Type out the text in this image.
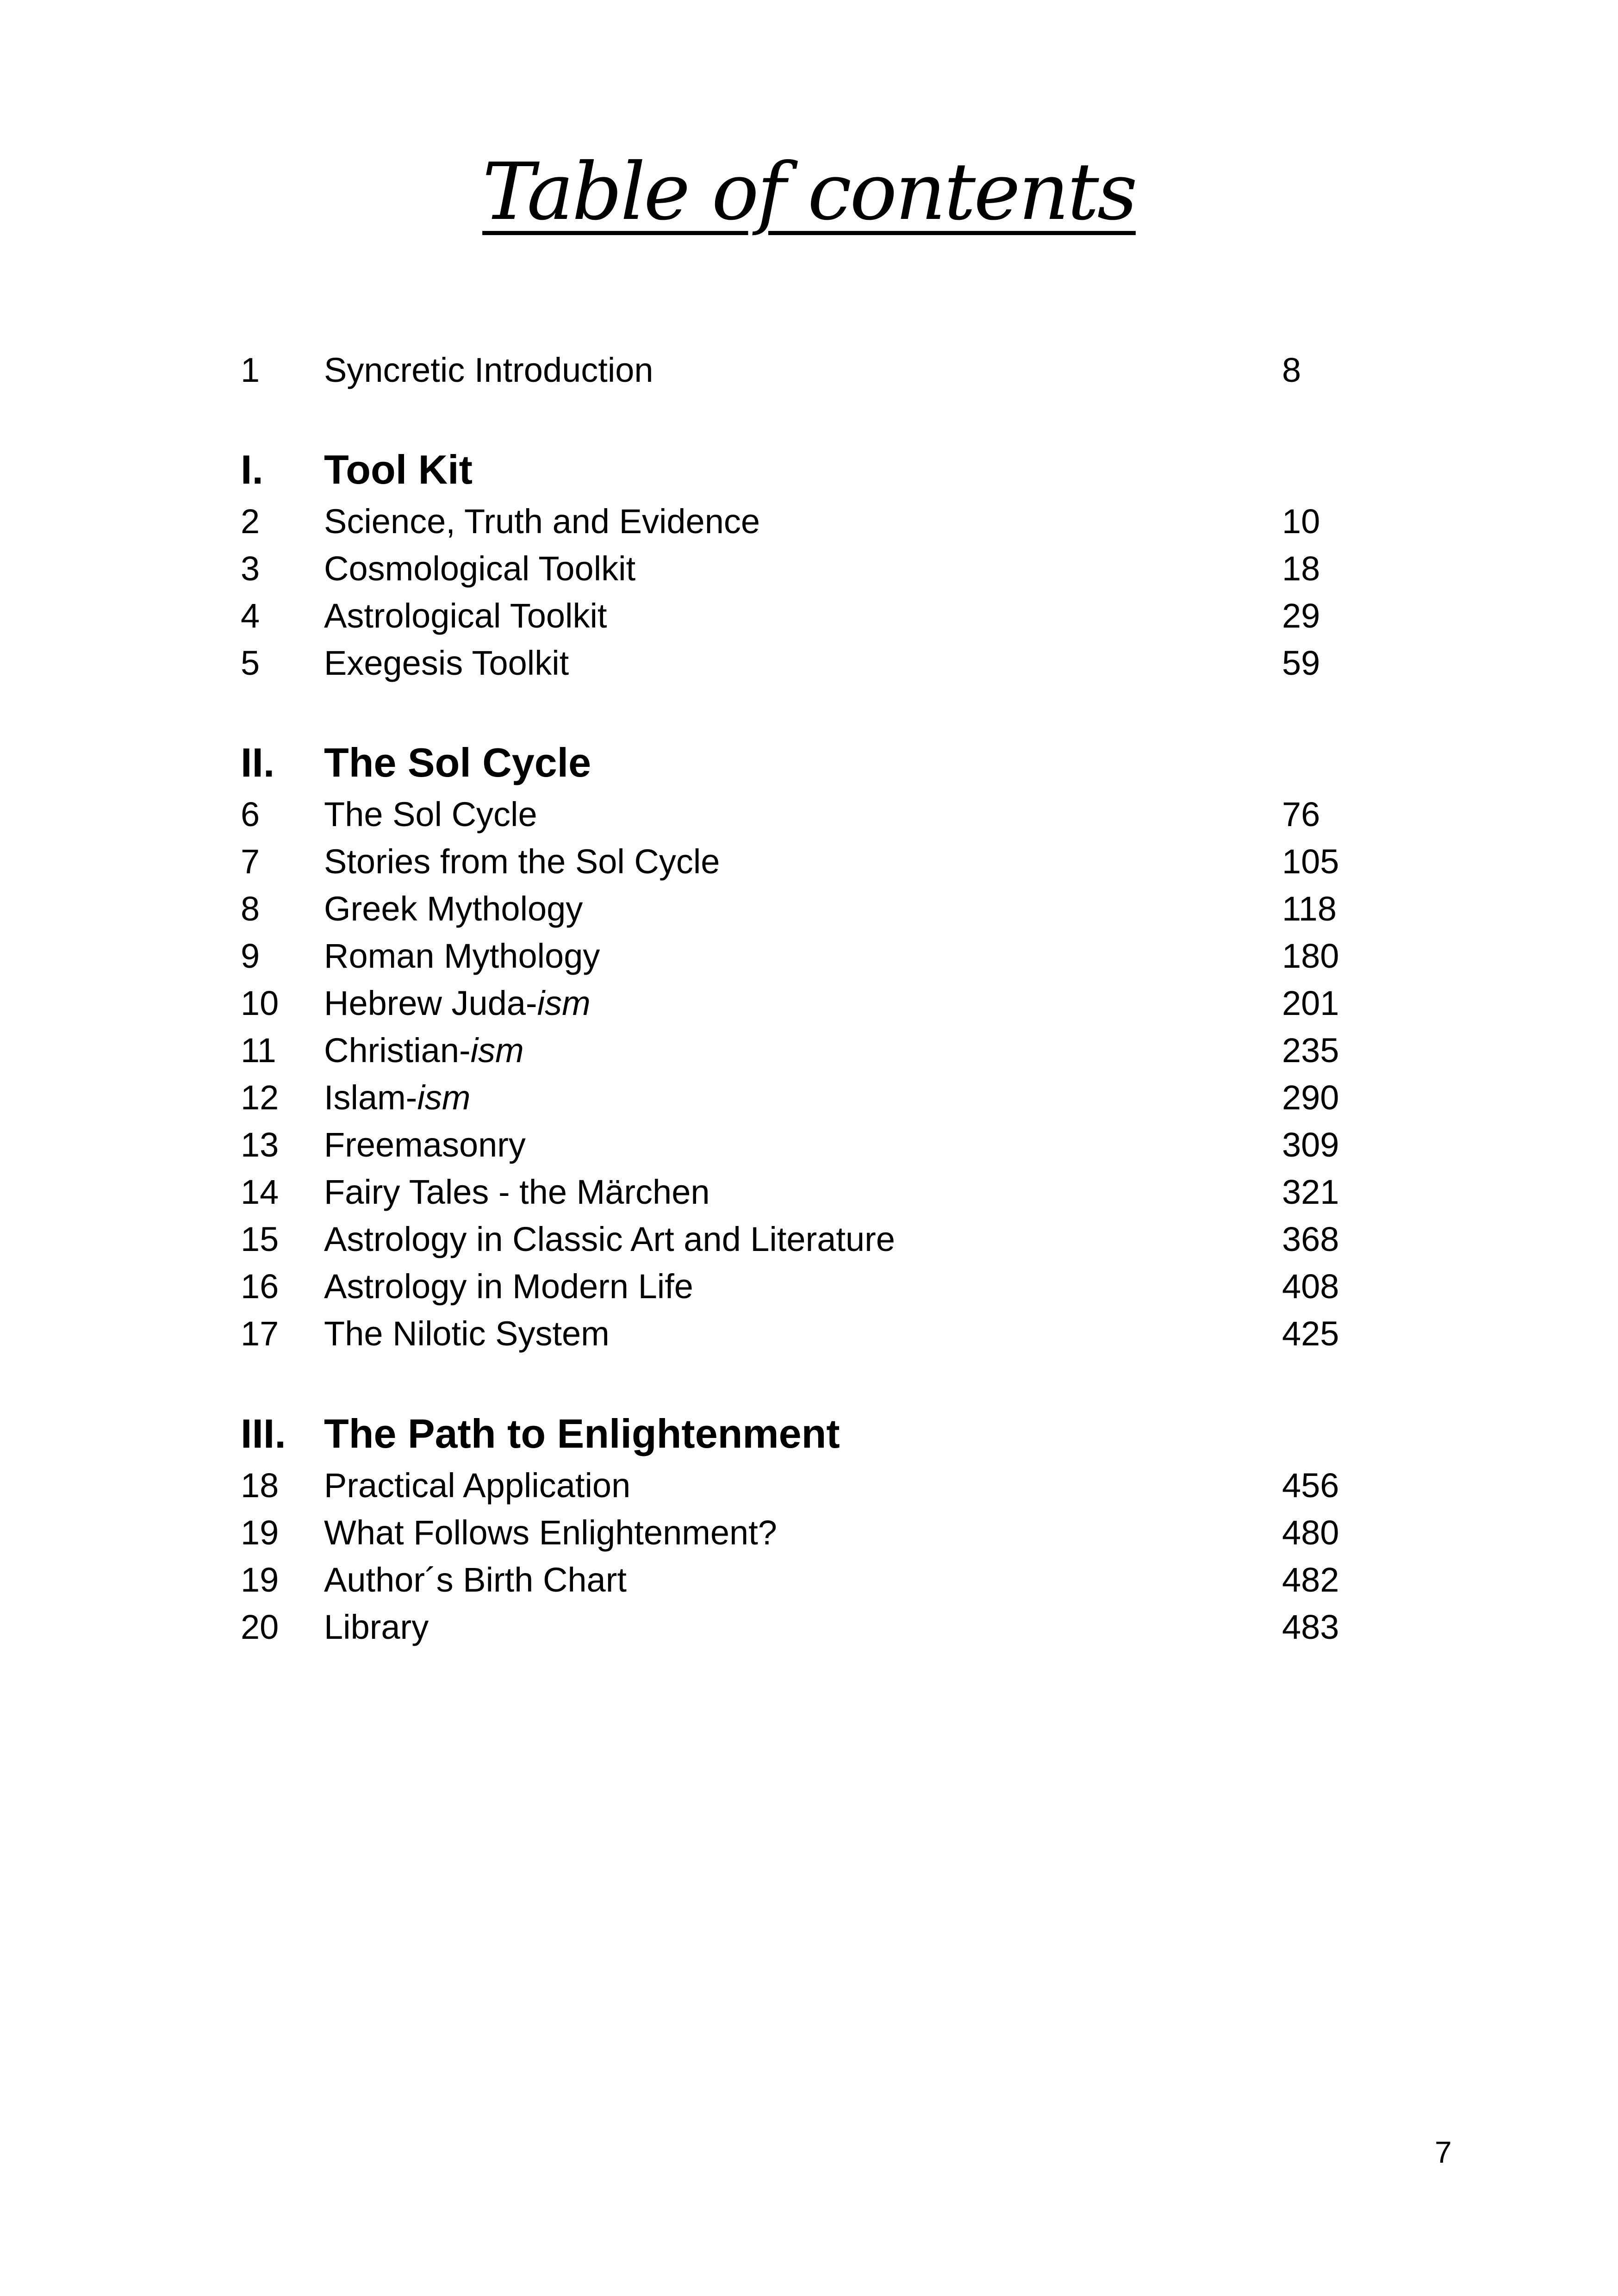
Table of contents
1 Syncretic Introduction	8
I. Tool Kit
2 Science, Truth and Evidence	10
3 Cosmological Toolkit	18
4 Astrological Toolkit	29
5 Exegesis Toolkit	59
II. The Sol Cycle
6 The Sol Cycle	76
7 Stories from the Sol Cycle	105
8 Greek Mythology	118
9 Roman Mythology	180
10 Hebrew Juda-ism	201
11 Christian-ism	235
12 Islam-ism	290
13 Freemasonry	309
14 Fairy Tales - the Märchen	321
15 Astrology in Classic Art and Literature	368
16 Astrology in Modern Life	408
17 The Nilotic System	425
III. The Path to Enlightenment
18 Practical Application	456
19 What Follows Enlightenment?	480
19 Author´s Birth Chart	482
20 Library	483
7
